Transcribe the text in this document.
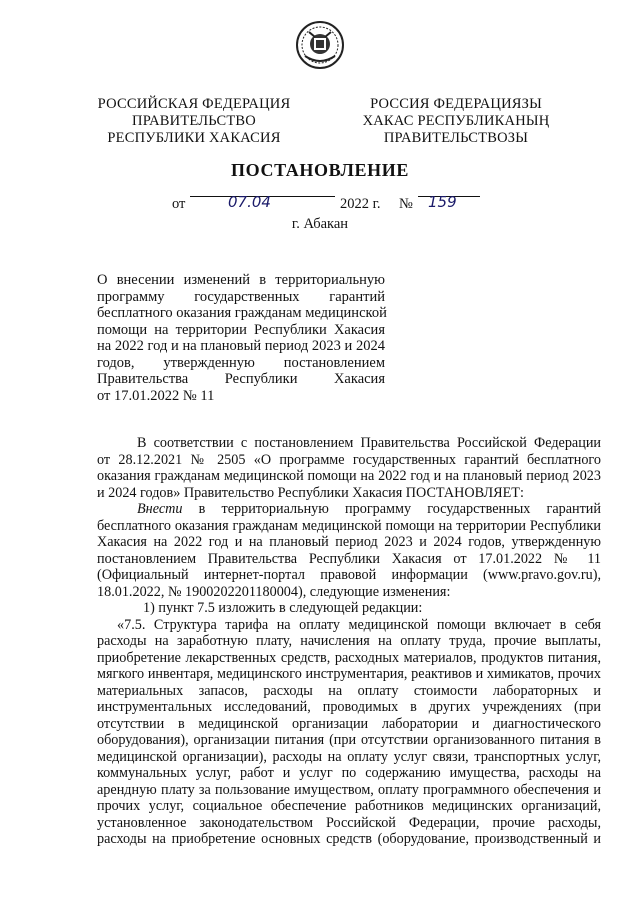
РОССИЙСКАЯ ФЕДЕРАЦИЯ
ПРАВИТЕЛЬСТВО
РЕСПУБЛИКИ ХАКАСИЯ
РОССИЯ ФЕДЕРАЦИЯЗЫ
ХАКАС РЕСПУБЛИКАНЫҢ
ПРАВИТЕЛЬСТВОЗЫ
ПОСТАНОВЛЕНИЕ
от	07.04	2022 г. № 159
г. Абакан
О внесении изменений в территориальную
программу государственных гарантий
бесплатного оказания гражданам медицинской
помощи на территории Республики Хакасия
на 2022 год и на плановый период 2023 и 2024
годов, утвержденную постановлением
Правительства Республики Хакасия
от 17.01.2022 № 11
В соответствии с постановлением Правительства Российской Федерации
от 28.12.2021 № 2505 «О программе государственных гарантий бесплатного
оказания гражданам медицинской помощи на 2022 год и на плановый период 2023
и 2024 годов» Правительство Республики Хакасия ПОСТАНОВЛЯЕТ:
Внести в территориальную программу государственных гарантий
бесплатного оказания гражданам медицинской помощи на территории Республики
Хакасия на 2022 год и на плановый период 2023 и 2024 годов, утвержденную
постановлением Правительства Республики Хакасия от 17.01.2022 № 11
(Официальный интернет-портал правовой информации (www.pravo.gov.ru),
18.01.2022, № 1900202201180004), следующие изменения:
1) пункт 7.5 изложить в следующей редакции:
«7.5. Структура тарифа на оплату медицинской помощи включает в себя
расходы на заработную плату, начисления на оплату труда, прочие выплаты,
приобретение лекарственных средств, расходных материалов, продуктов питания,
мягкого инвентаря, медицинского инструментария, реактивов и химикатов, прочих
материальных запасов, расходы на оплату стоимости лабораторных и
инструментальных исследований, проводимых в других учреждениях (при
отсутствии в медицинской организации лаборатории и диагностического
оборудования), организации питания (при отсутствии организованного питания в
медицинской организации), расходы на оплату услуг связи, транспортных услуг,
коммунальных услуг, работ и услуг по содержанию имущества, расходы на
арендную плату за пользование имуществом, оплату программного обеспечения и
прочих услуг, социальное обеспечение работников медицинских организаций,
установленное законодательством Российской Федерации, прочие расходы,
расходы на приобретение основных средств (оборудование, производственный и
